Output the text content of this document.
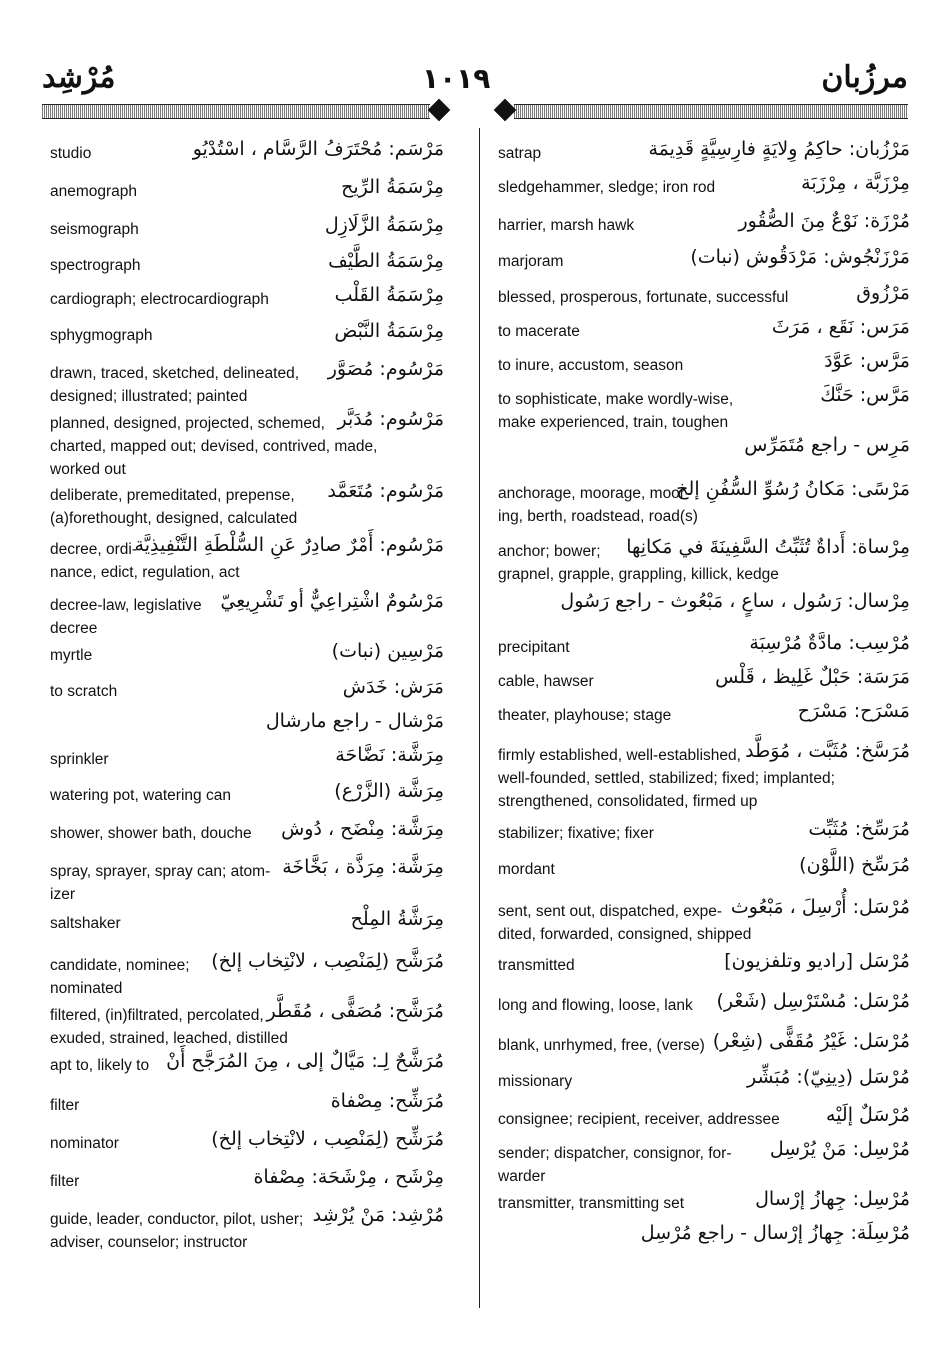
مُرْشِد	١٠١٩	مرزُبان
مَرْسَم: مُحْتَرَفُ الرَّسَّام ، اسْتُدْيُو
studio
مِرْسَمَةُ الرِّيح
anemograph
مِرْسَمَةُ الزَّلَازِل
seismograph
مِرْسَمَةُ الطَّيْف
spectrograph
مِرْسَمَةُ القَلْب
cardiograph; electrocardiograph
مِرْسَمَةُ النَّبْض
sphygmograph
مَرْسُوم: مُصَوَّر
drawn, traced, sketched, delineated,
designed; illustrated; painted
مَرْسُوم: مُدَبَّر
planned, designed, projected, schemed,
charted, mapped out; devised, contrived, made,
worked out
مَرْسُوم: مُتَعَمَّد
deliberate, premeditated, prepense,
(a)forethought, designed, calculated
مَرْسُوم: أَمْرٌ صادِرٌ عَنِ السُّلْطَةِ التَّنْفِيذِيَّة
decree, ordi-
nance, edict, regulation, act
مَرْسُومٌ اشْتِراعِيٌّ أو تَشْرِيعِيّ
decree-law, legislative
decree
مَرْسِين (نبات)
myrtle
مَرَش: خَدَش
to scratch
مَرْشال - راجع مارشال
مِرَشَّة: نَضَّاحَة
sprinkler
مِرَشَّة (الزَّرْع)
watering pot, watering can
مِرَشَّة: مِنْضَح ، دُوش
shower, shower bath, douche
مِرَشَّة: مِرَذَّة ، بَخَّاخَة
spray, sprayer, spray can; atom-
izer
مِرَشَّةُ المِلْح
saltshaker
مُرَشَّح (لِمَنْصِب ، لانْتِخاب إلخ)
candidate, nominee;
nominated
مُرَشَّح: مُصَفًّى ، مُقَطَّر
filtered, (in)filtrated, percolated,
exuded, strained, leached, distilled
مُرَشَّحٌ لِـ: مَيَّالٌ إلى ، مِنَ المُرَجَّح أَنْ
apt to, likely to
مُرَشِّح: مِصْفاة
filter
مُرَشِّح (لِمَنْصِب ، لانْتِخاب إلخ)
nominator
مِرْشَح ، مِرْشَحَة: مِصْفاة
filter
مُرْشِد: مَنْ يُرْشِد
guide, leader, conductor, pilot, usher;
adviser, counselor; instructor
مَرْزُبان: حاكِمُ وِلايَةٍ فارِسِيَّةٍ قَدِيمَة
satrap
مِرْزَبَّة ، مِرْزَبَة
sledgehammer, sledge; iron rod
مُرْزَة: نَوْعٌ مِنَ الصُّقُور
harrier, marsh hawk
مَرْزَنْجُوش: مَرْدَقُوش (نبات)
marjoram
مَرْزُوق
blessed, prosperous, fortunate, successful
مَرَس: نَقَع ، مَرَثَ
to macerate
مَرَّس: عَوَّدَ
to inure, accustom, season
مَرَّس: حَنَّكَ
to sophisticate, make wordly-wise,
make experienced, train, toughen
مَرِس - راجع مُتَمَرِّس
مَرْسًى: مَكانُ رُسُوِّ السُّفُنِ إلخ
anchorage, moorage, moor-
ing, berth, roadstead, road(s)
مِرْساة: أَداةٌ تُثَبِّتُ السَّفِينَةَ في مَكانِها
anchor; bower;
grapnel, grapple, grappling, killick, kedge
مِرْسال: رَسُول ، ساعٍ ، مَبْعُوث - راجع رَسُول
مُرْسِب: مادَّةٌ مُرْسِبَة
precipitant
مَرَسَة: حَبْلٌ غَلِيظ ، قَلْس
cable, hawser
مَسْرَح: مَسْرَح
theater, playhouse; stage
مُرَسَّخ: مُثَبَّت ، مُوَطَّد
firmly established, well-established,
well-founded, settled, stabilized; fixed; implanted;
strengthened, consolidated, firmed up
مُرَسِّخ: مُثَبِّت
stabilizer; fixative; fixer
مُرَسِّخ (اللَّوْن)
mordant
مُرْسَل: أُرْسِلَ ، مَبْعُوث
sent, sent out, dispatched, expe-
dited, forwarded, consigned, shipped
مُرْسَل [راديو وتلفزيون]
transmitted
مُرْسَل: مُسْتَرْسِل (شَعْر)
long and flowing, loose, lank
مُرْسَل: غَيْرُ مُقَفًّى (شِعْر)
blank, unrhymed, free, (verse)
مُرْسَل (دِينِيّ): مُبَشِّر
missionary
مُرْسَلٌ إلَيْه
consignee; recipient, receiver, addressee
مُرْسِل: مَنْ يُرْسِل
sender; dispatcher, consignor, for-
warder
مُرْسِل: جِهازُ إرْسال
transmitter, transmitting set
مُرْسِلَة: جِهازُ إرْسال - راجع مُرْسِل
